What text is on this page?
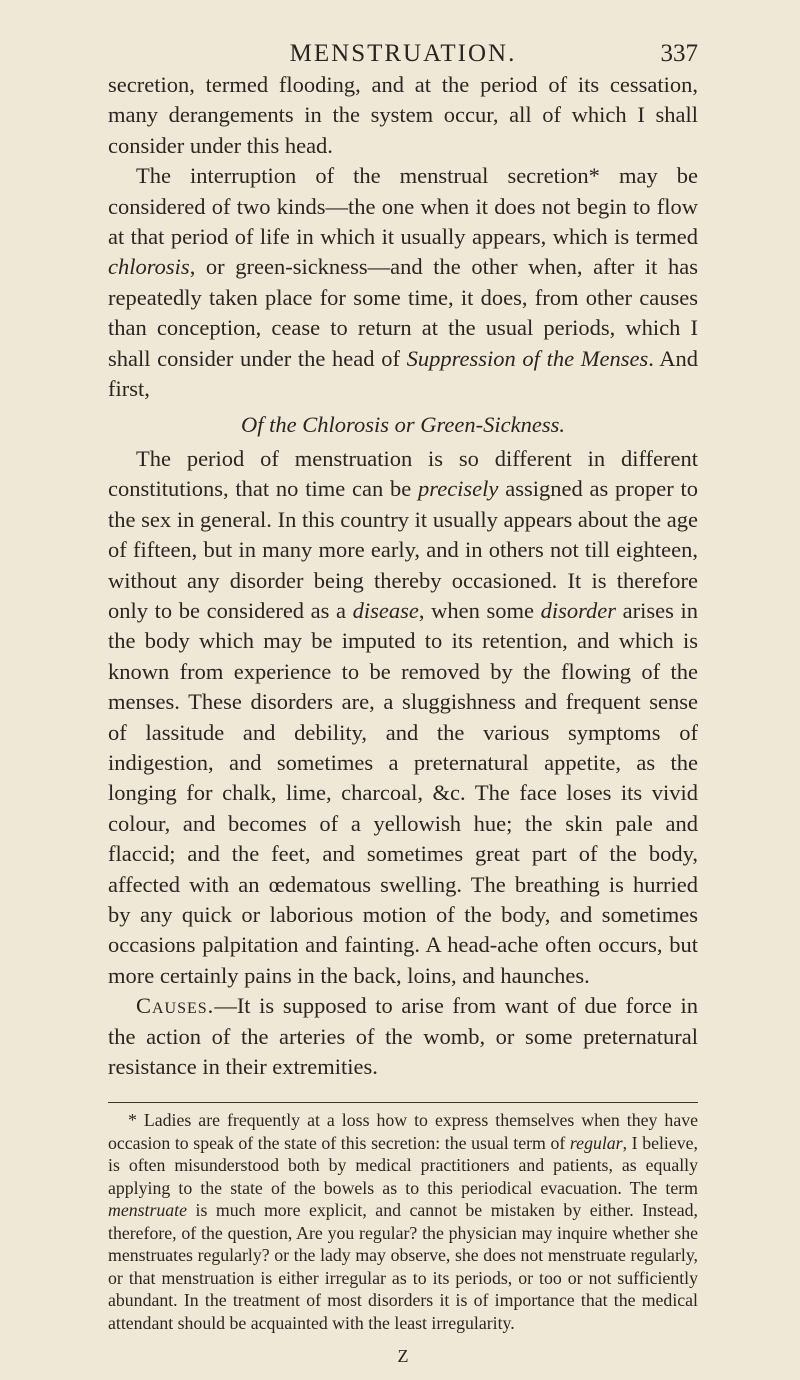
MENSTRUATION.	337

secretion, termed flooding, and at the period of its cessation, many derangements in the system occur, all of which I shall consider under this head.

The interruption of the menstrual secretion* may be considered of two kinds—the one when it does not begin to flow at that period of life in which it usually appears, which is termed chlorosis, or green-sickness—and the other when, after it has repeatedly taken place for some time, it does, from other causes than conception, cease to return at the usual periods, which I shall consider under the head of Suppression of the Menses. And first,

Of the Chlorosis or Green-Sickness.

The period of menstruation is so different in different constitutions, that no time can be precisely assigned as proper to the sex in general. In this country it usually appears about the age of fifteen, but in many more early, and in others not till eighteen, without any disorder being thereby occasioned. It is therefore only to be considered as a disease, when some disorder arises in the body which may be imputed to its retention, and which is known from experience to be removed by the flowing of the menses. These disorders are, a sluggishness and frequent sense of lassitude and debility, and the various symptoms of indigestion, and sometimes a preternatural appetite, as the longing for chalk, lime, charcoal, &c. The face loses its vivid colour, and becomes of a yellowish hue; the skin pale and flaccid; and the feet, and sometimes great part of the body, affected with an œdematous swelling. The breathing is hurried by any quick or laborious motion of the body, and sometimes occasions palpitation and fainting. A head-ache often occurs, but more certainly pains in the back, loins, and haunches.

Causes.—It is supposed to arise from want of due force in the action of the arteries of the womb, or some preternatural resistance in their extremities.

* Ladies are frequently at a loss how to express themselves when they have occasion to speak of the state of this secretion: the usual term of regular, I believe, is often misunderstood both by medical practitioners and patients, as equally applying to the state of the bowels as to this periodical evacuation. The term menstruate is much more explicit, and cannot be mistaken by either. Instead, therefore, of the question, Are you regular? the physician may inquire whether she menstruates regularly? or the lady may observe, she does not menstruate regularly, or that menstruation is either irregular as to its periods, or too or not sufficiently abundant. In the treatment of most disorders it is of importance that the medical attendant should be acquainted with the least irregularity.

Z
